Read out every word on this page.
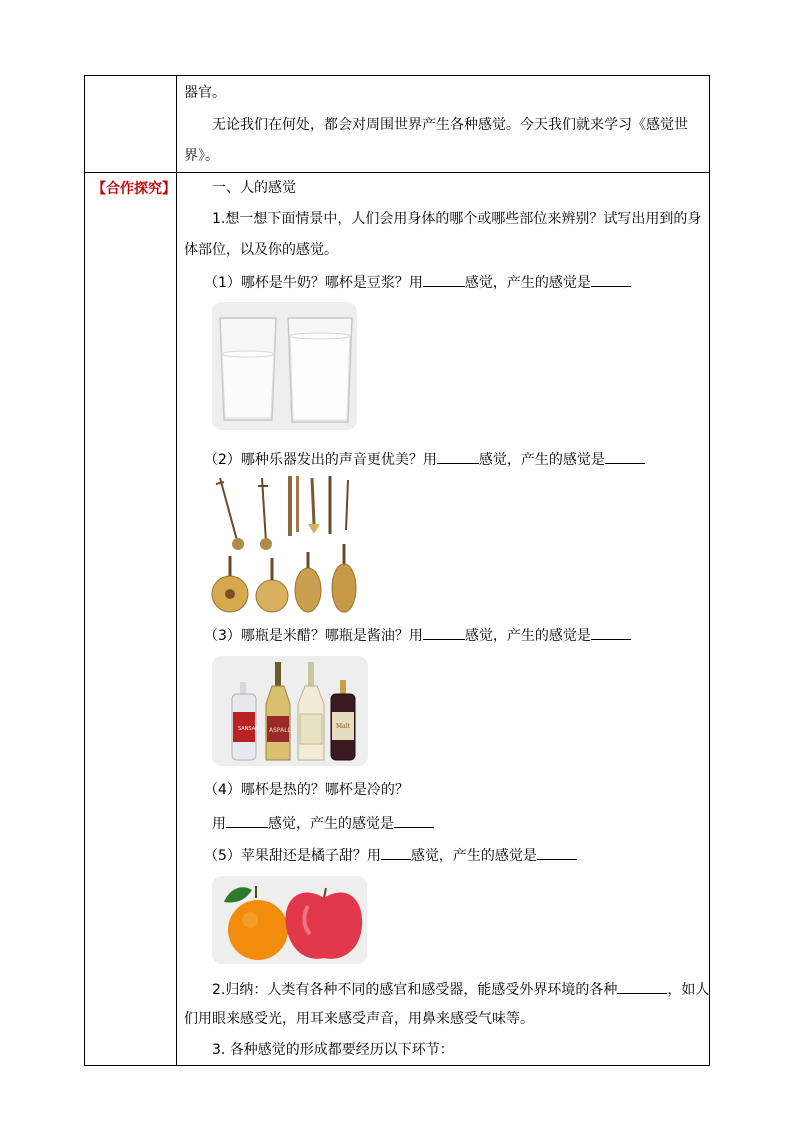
【合作探究】
器官。
无论我们在何处，都会对周围世界产生各种感觉。今天我们就来学习《感觉世
界》。
一、人的感觉
1.想一想下面情景中，人们会用身体的哪个或哪些部位来辨别？试写出用到的身
体部位，以及你的感觉。
（1）哪杯是牛奶？哪杯是豆浆？用	感觉，产生的感觉是
（2）哪种乐器发出的声音更优美？用	感觉，产生的感觉是
（3）哪瓶是米醋？哪瓶是酱油？用	感觉，产生的感觉是
SANSAN ASPALL
Malt
（4）哪杯是热的？哪杯是冷的？
用	感觉，产生的感觉是
（5）苹果甜还是橘子甜？用 感觉，产生的感觉是
2.归纳：人类有各种不同的感官和感受器，能感受外界环境的各种	，如人
们用眼来感受光，用耳来感受声音，用鼻来感受气味等。
3. 各种感觉的形成都要经历以下环节：
